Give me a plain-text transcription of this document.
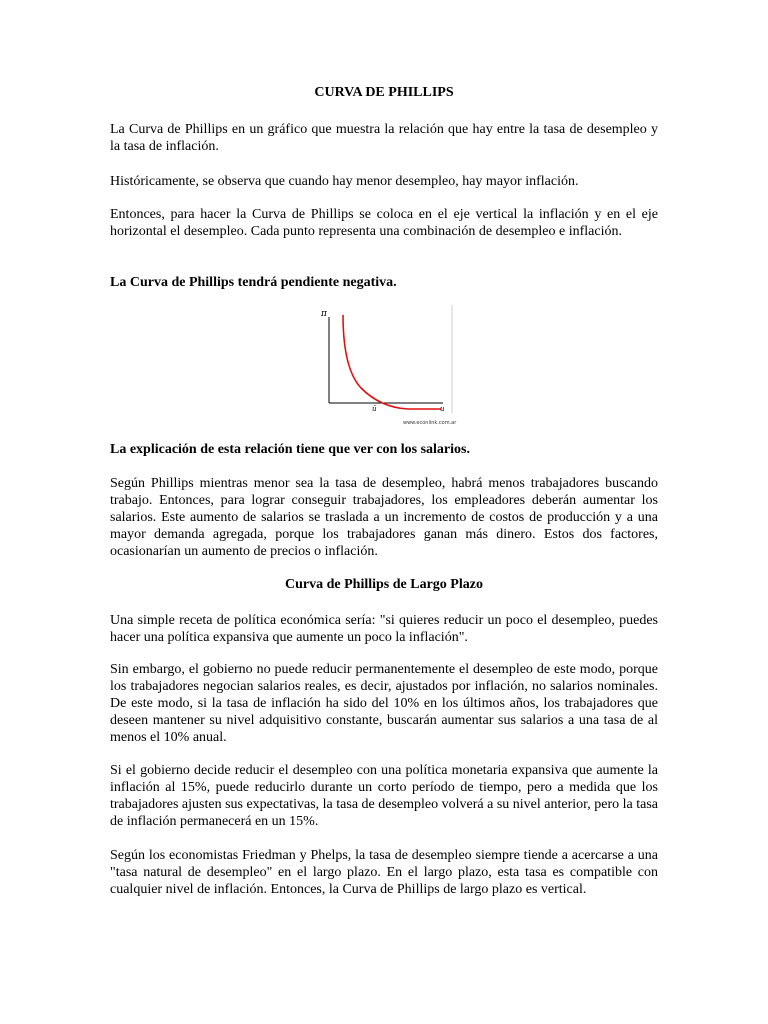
CURVA DE PHILLIPS

La Curva de Phillips en un gráfico que muestra la relación que hay entre la tasa de desempleo y la tasa de inflación.

Históricamente, se observa que cuando hay menor desempleo, hay mayor inflación.

Entonces, para hacer la Curva de Phillips se coloca en el eje vertical la inflación y en el eje horizontal el desempleo. Cada punto representa una combinación de desempleo e inflación.

La Curva de Phillips tendrá pendiente negativa.

π
ū	u
www.econlink.com.ar

La explicación de esta relación tiene que ver con los salarios.

Según Phillips mientras menor sea la tasa de desempleo, habrá menos trabajadores buscando trabajo. Entonces, para lograr conseguir trabajadores, los empleadores deberán aumentar los salarios. Este aumento de salarios se traslada a un incremento de costos de producción y a una mayor demanda agregada, porque los trabajadores ganan más dinero. Estos dos factores, ocasionarían un aumento de precios o inflación.

Curva de Phillips de Largo Plazo

Una simple receta de política económica sería: "si quieres reducir un poco el desempleo, puedes hacer una política expansiva que aumente un poco la inflación".

Sin embargo, el gobierno no puede reducir permanentemente el desempleo de este modo, porque los trabajadores negocian salarios reales, es decir, ajustados por inflación, no salarios nominales. De este modo, si la tasa de inflación ha sido del 10% en los últimos años, los trabajadores que deseen mantener su nivel adquisitivo constante, buscarán aumentar sus salarios a una tasa de al menos el 10% anual.

Si el gobierno decide reducir el desempleo con una política monetaria expansiva que aumente la inflación al 15%, puede reducirlo durante un corto período de tiempo, pero a medida que los trabajadores ajusten sus expectativas, la tasa de desempleo volverá a su nivel anterior, pero la tasa de inflación permanecerá en un 15%.

Según los economistas Friedman y Phelps, la tasa de desempleo siempre tiende a acercarse a una "tasa natural de desempleo" en el largo plazo. En el largo plazo, esta tasa es compatible con cualquier nivel de inflación. Entonces, la Curva de Phillips de largo plazo es vertical.
